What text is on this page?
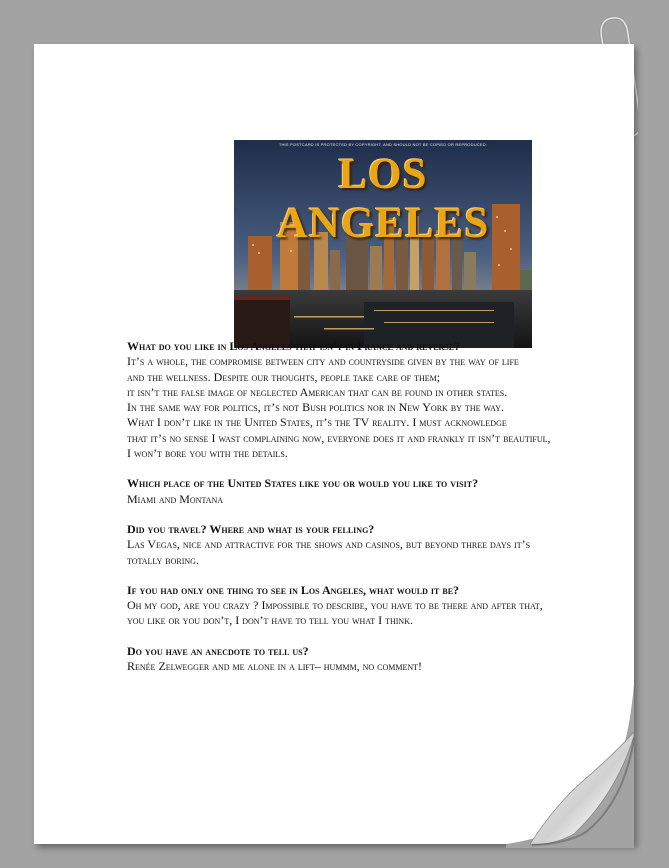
THIS POSTCARD IS PROTECTED BY COPYRIGHT, AND SHOULD NOT BE COPIED OR REPRODUCED.
LOS ANGELES
What do you like in Los Angeles that isn’t in France and reverse?
It’s a whole, the compromise between city and countryside given by the way of life
and the wellness. Despite our thoughts, people take care of them;
it isn’t the false image of neglected American that can be found in other states.
In the same way for politics, it’s not Bush politics nor in New York by the way.
What I don’t like in the United States, it’s the TV reality. I must acknowledge
that it’s no sense I wast complaining now, everyone does it and frankly it isn’t beautiful,
I won’t bore you with the details.
Which place of the United States like you or would you like to visit?
Miami and Montana
Did you travel? Where and what is your felling?
Las Vegas, nice and attractive for the shows and casinos, but beyond three days it’s
totally boring.
If you had only one thing to see in Los Angeles, what would it be?
Oh my god, are you crazy ? Impossible to describe, you have to be there and after that,
you like or you don’t, I don’t have to tell you what I think.
Do you have an anecdote to tell us?
Renée Zelwegger and me alone in a lift– hummm, no comment!
